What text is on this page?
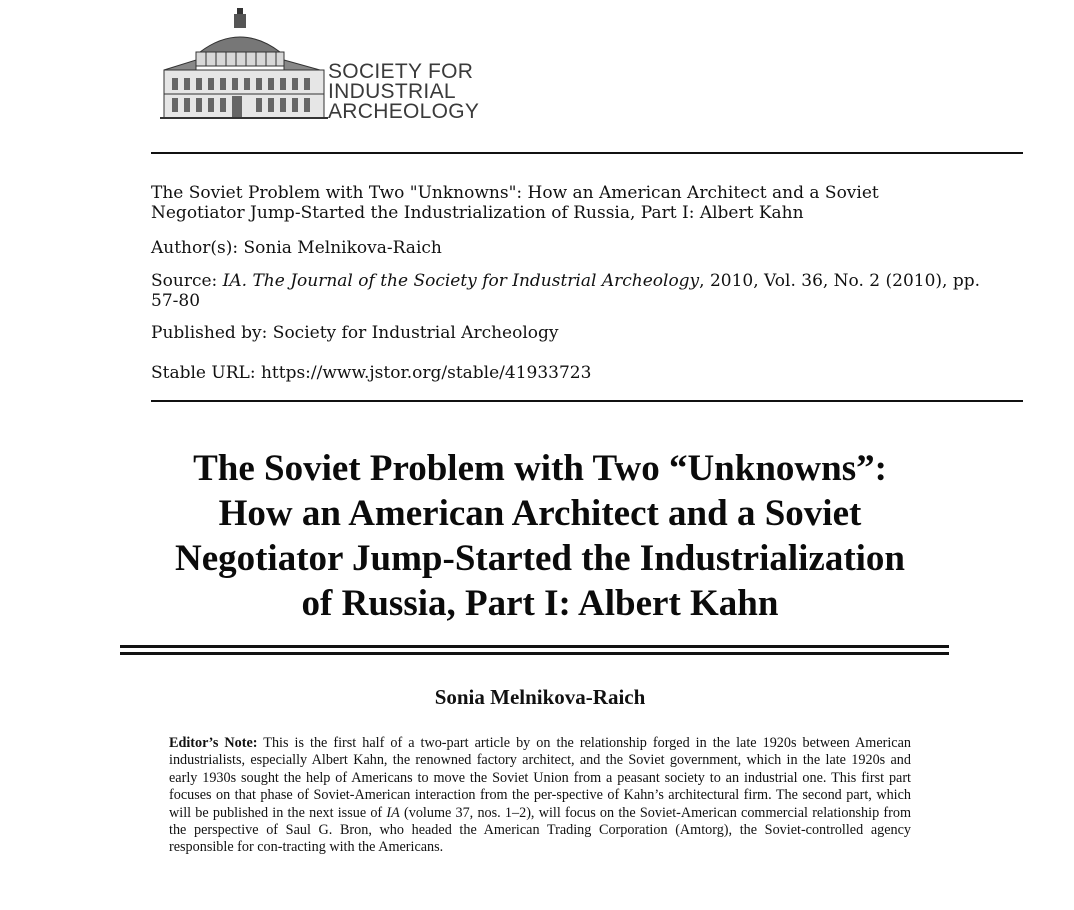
SOCIETY FOR
INDUSTRIAL
ARCHEOLOGY
The Soviet Problem with Two "Unknowns": How an American Architect and a Soviet
Negotiator Jump-Started the Industrialization of Russia, Part I: Albert Kahn
Author(s): Sonia Melnikova-Raich
Source: IA. The Journal of the Society for Industrial Archeology, 2010, Vol. 36, No. 2 (2010), pp. 57-80
Published by: Society for Industrial Archeology
Stable URL: https://www.jstor.org/stable/41933723
The Soviet Problem with Two “Unknowns”:
How an American Architect and a Soviet
Negotiator Jump-Started the Industrialization
of Russia, Part I: Albert Kahn
Sonia Melnikova-Raich
Editor’s Note: This is the first half of a two-part article by on the relationship forged in the late 1920s between American industrialists, especially Albert Kahn, the renowned factory architect, and the Soviet government, which in the late 1920s and early 1930s sought the help of Americans to move the Soviet Union from a peasant society to an industrial one. This first part focuses on that phase of Soviet-American interaction from the per-spective of Kahn’s architectural firm. The second part, which will be published in the next issue of IA (volume 37, nos. 1–2), will focus on the Soviet-American commercial relationship from the perspective of Saul G. Bron, who headed the American Trading Corporation (Amtorg), the Soviet-controlled agency responsible for con-tracting with the Americans.
